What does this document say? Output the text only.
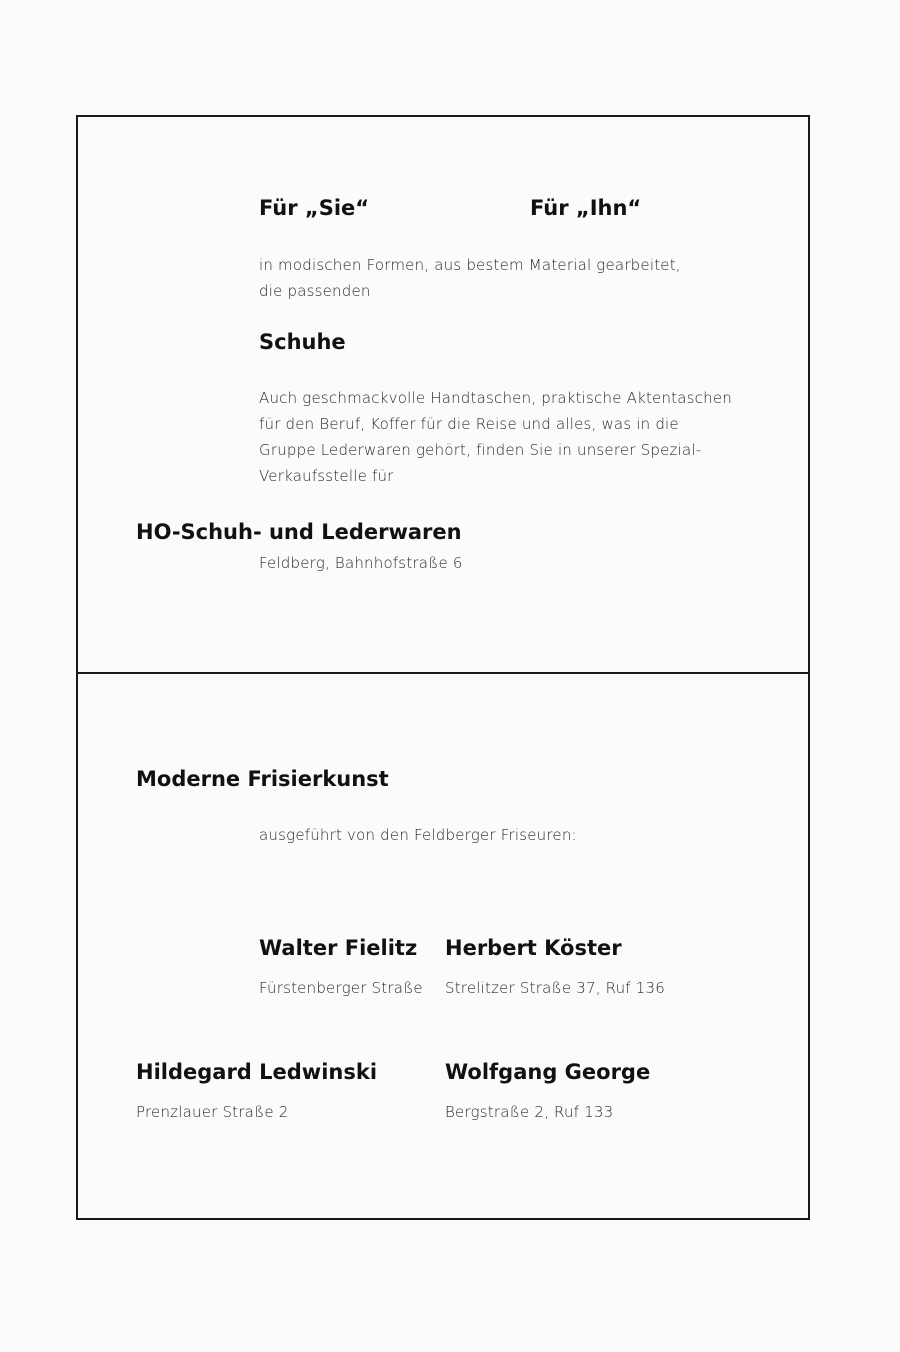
Für „Sie“	Für „Ihn“
in modischen Formen, aus bestem Material gearbeitet,
die passenden
Schuhe
Auch geschmackvolle Handtaschen, praktische Aktentaschen
für den Beruf, Koffer für die Reise und alles, was in die
Gruppe Lederwaren gehört, finden Sie in unserer Spezial-
Verkaufsstelle für
HO-Schuh- und Lederwaren
Feldberg, Bahnhofstraße 6
Moderne Frisierkunst
ausgeführt von den Feldberger Friseuren:
Walter Fielitz
Fürstenberger Straße
Herbert Köster
Strelitzer Straße 37, Ruf 136
Hildegard Ledwinski
Prenzlauer Straße 2
Wolfgang George
Bergstraße 2, Ruf 133
